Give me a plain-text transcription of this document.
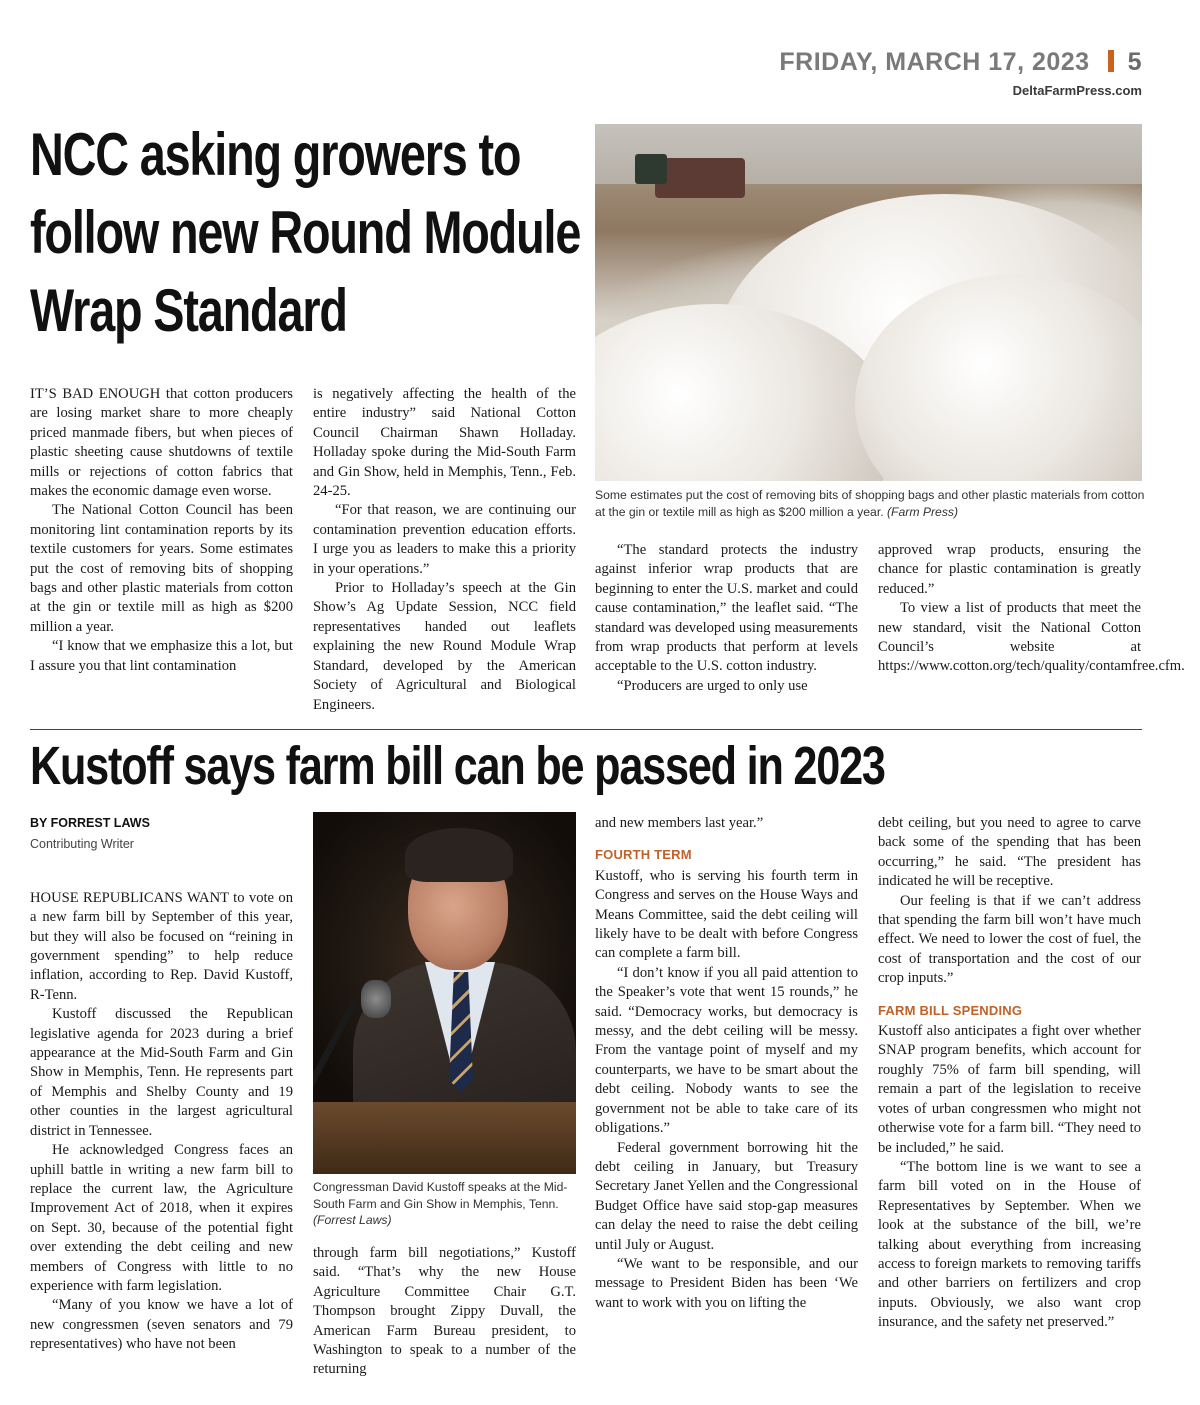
FRIDAY, MARCH 17, 2023 5
DeltaFarmPress.com
NCC asking growers to follow new Round Module Wrap Standard
Some estimates put the cost of removing bits of shopping bags and other plastic materials from cotton at the gin or textile mill as high as $200 million a year. (Farm Press)

IT’S BAD ENOUGH that cotton producers are losing market share to more cheaply priced manmade fibers, but when pieces of plastic sheeting cause shutdowns of textile mills or rejections of cotton fabrics that makes the economic damage even worse.

The National Cotton Council has been monitoring lint contamination reports by its textile customers for years. Some estimates put the cost of removing bits of shopping bags and other plastic materials from cotton at the gin or textile mill as high as $200 million a year.

“I know that we emphasize this a lot, but I assure you that lint contamination

is negatively affecting the health of the entire industry” said National Cotton Council Chairman Shawn Holladay. Holladay spoke during the Mid-South Farm and Gin Show, held in Memphis, Tenn., Feb. 24-25.

“For that reason, we are continuing our contamination prevention education efforts. I urge you as leaders to make this a priority in your operations.”

Prior to Holladay’s speech at the Gin Show’s Ag Update Session, NCC field representatives handed out leaflets explaining the new Round Module Wrap Standard, developed by the American Society of Agricultural and Biological Engineers.

“The standard protects the industry against inferior wrap products that are beginning to enter the U.S. market and could cause contamination,” the leaflet said. “The standard was developed using measurements from wrap products that perform at levels acceptable to the U.S. cotton industry.

“Producers are urged to only use

approved wrap products, ensuring the chance for plastic contamination is greatly reduced.”

To view a list of products that meet the new standard, visit the National Cotton Council’s website at https://www.cotton.org/tech/quality/contamfree.cfm.

Kustoff says farm bill can be passed in 2023
BY FORREST LAWS
Contributing Writer

HOUSE REPUBLICANS WANT to vote on a new farm bill by September of this year, but they will also be focused on “reining in government spending” to help reduce inflation, according to Rep. David Kustoff, R-Tenn.

Kustoff discussed the Republican legislative agenda for 2023 during a brief appearance at the Mid-South Farm and Gin Show in Memphis, Tenn. He represents part of Memphis and Shelby County and 19 other counties in the largest agricultural district in Tennessee.

He acknowledged Congress faces an uphill battle in writing a new farm bill to replace the current law, the Agriculture Improvement Act of 2018, when it expires on Sept. 30, because of the potential fight over extending the debt ceiling and new members of Congress with little to no experience with farm legislation.

“Many of you know we have a lot of new congressmen (seven senators and 79 representatives) who have not been

Congressman David Kustoff speaks at the Mid-South Farm and Gin Show in Memphis, Tenn. (Forrest Laws)

through farm bill negotiations,” Kustoff said. “That’s why the new House Agriculture Committee Chair G.T. Thompson brought Zippy Duvall, the American Farm Bureau president, to Washington to speak to a number of the returning

and new members last year.”

FOURTH TERM

Kustoff, who is serving his fourth term in Congress and serves on the House Ways and Means Committee, said the debt ceiling will likely have to be dealt with before Congress can complete a farm bill.

“I don’t know if you all paid attention to the Speaker’s vote that went 15 rounds,” he said. “Democracy works, but democracy is messy, and the debt ceiling will be messy. From the vantage point of myself and my counterparts, we have to be smart about the debt ceiling. Nobody wants to see the government not be able to take care of its obligations.”

Federal government borrowing hit the debt ceiling in January, but Treasury Secretary Janet Yellen and the Congressional Budget Office have said stop-gap measures can delay the need to raise the debt ceiling until July or August.

“We want to be responsible, and our message to President Biden has been ‘We want to work with you on lifting the

debt ceiling, but you need to agree to carve back some of the spending that has been occurring,” he said. “The president has indicated he will be receptive.

Our feeling is that if we can’t address that spending the farm bill won’t have much effect. We need to lower the cost of fuel, the cost of transportation and the cost of our crop inputs.”

FARM BILL SPENDING

Kustoff also anticipates a fight over whether SNAP program benefits, which account for roughly 75% of farm bill spending, will remain a part of the legislation to receive votes of urban congressmen who might not otherwise vote for a farm bill. “They need to be included,” he said.

“The bottom line is we want to see a farm bill voted on in the House of Representatives by September. When we look at the substance of the bill, we’re talking about everything from increasing access to foreign markets to removing tariffs and other barriers on fertilizers and crop inputs. Obviously, we also want crop insurance, and the safety net preserved.”
